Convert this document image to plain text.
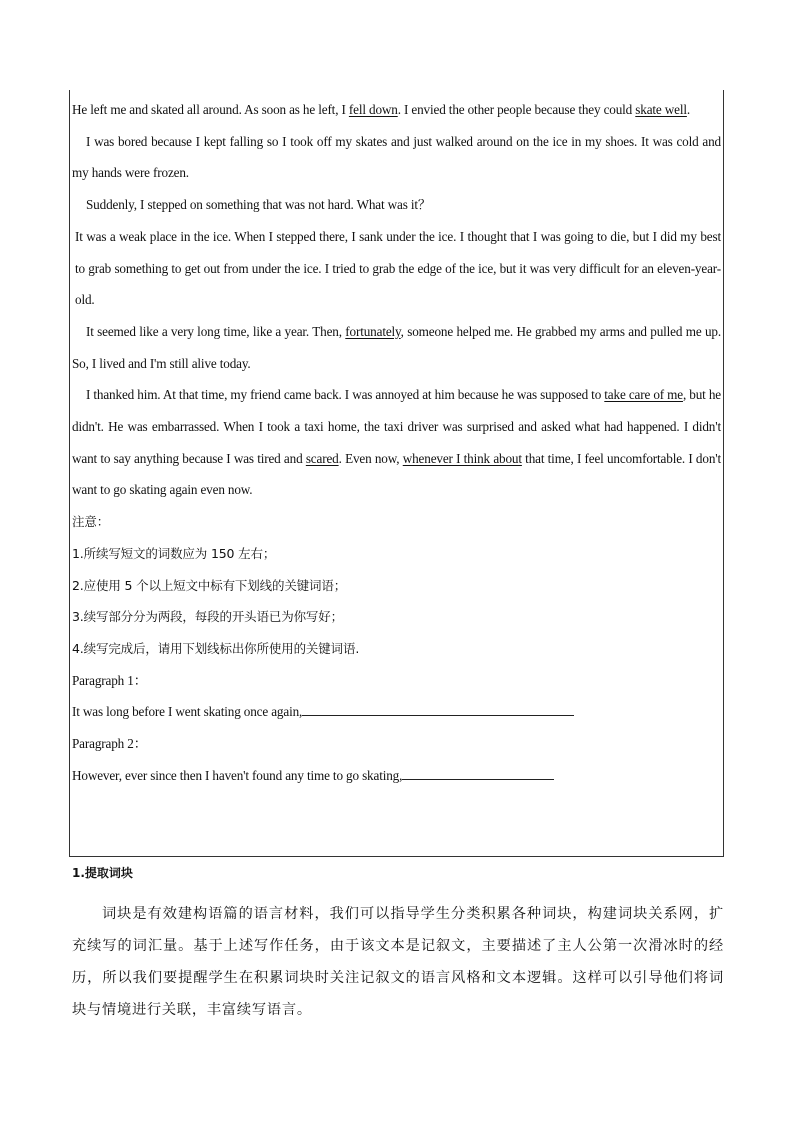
He left me and skated all around. As soon as he left, I fell down. I envied the other people because they could skate well.

I was bored because I kept falling so I took off my skates and just walked around on the ice in my shoes. It was cold and my hands were frozen.

Suddenly, I stepped on something that was not hard. What was it？

It was a weak place in the ice. When I stepped there, I sank under the ice. I thought that I was going to die, but I did my best to grab something to get out from under the ice. I tried to grab the edge of the ice, but it was very difficult for an eleven-year-old.

It seemed like a very long time, like a year. Then, fortunately, someone helped me. He grabbed my arms and pulled me up. So, I lived and I'm still alive today.

I thanked him. At that time, my friend came back. I was annoyed at him because he was supposed to take care of me, but he didn't. He was embarrassed. When I took a taxi home, the taxi driver was surprised and asked what had happened. I didn't want to say anything because I was tired and scared. Even now, whenever I think about that time, I feel uncomfortable. I don't want to go skating again even now.

注意：

1.所续写短文的词数应为 150 左右；

2.应使用 5 个以上短文中标有下划线的关键词语；

3.续写部分分为两段，每段的开头语已为你写好；

4.续写完成后，请用下划线标出你所使用的关键词语.

Paragraph 1：

It was long before I went skating once again,

Paragraph 2：

However, ever since then I haven't found any time to go skating,

1.提取词块

词块是有效建构语篇的语言材料，我们可以指导学生分类积累各种词块，构建词块关系网，扩充续写的词汇量。基于上述写作任务，由于该文本是记叙文，主要描述了主人公第一次滑冰时的经历，所以我们要提醒学生在积累词块时关注记叙文的语言风格和文本逻辑。这样可以引导他们将词块与情境进行关联，丰富续写语言。
